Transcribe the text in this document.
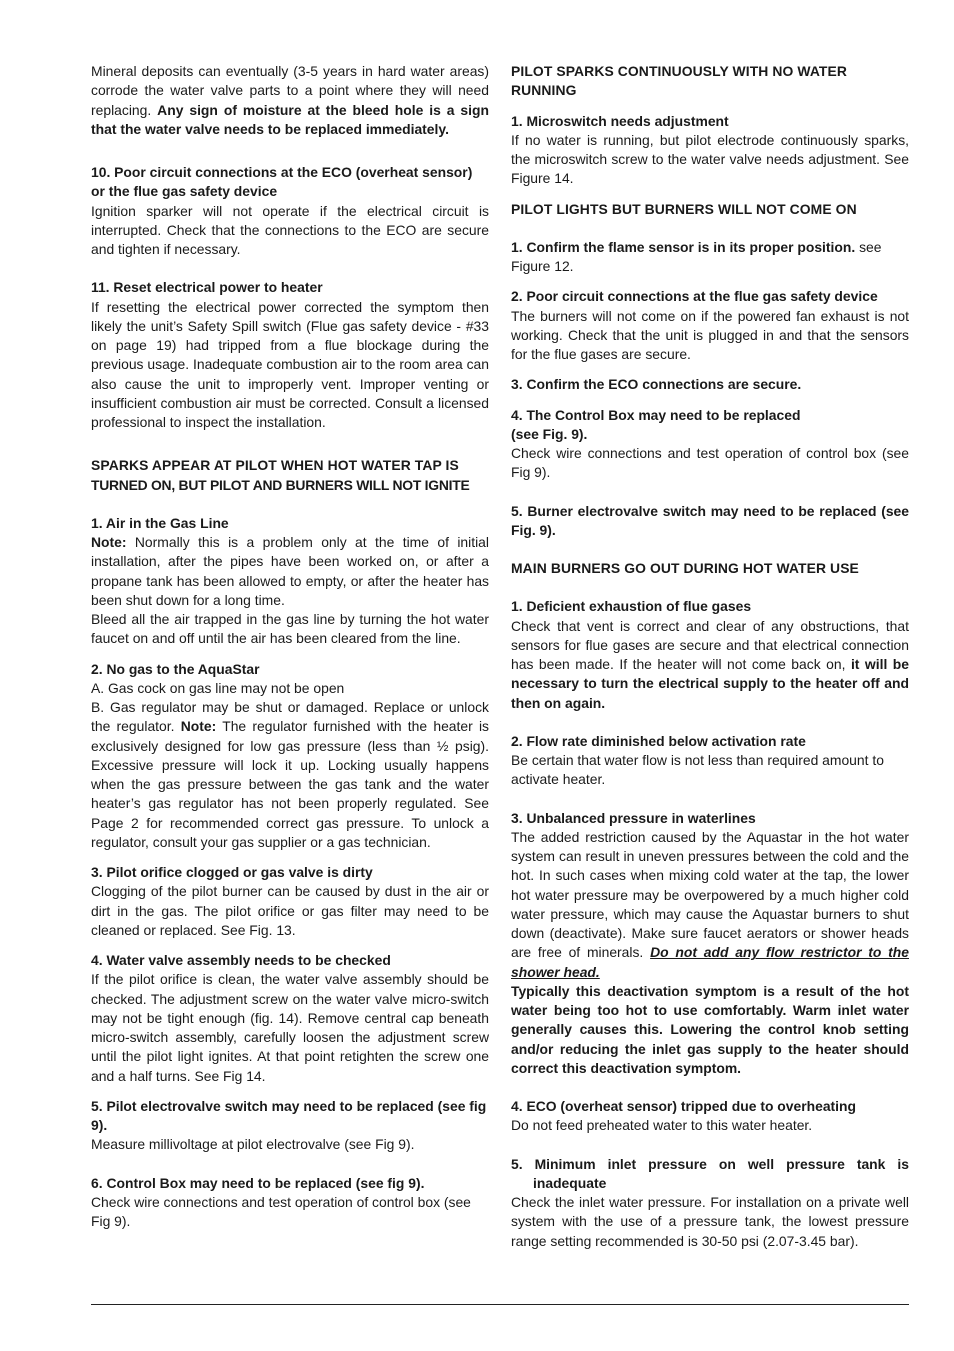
Mineral deposits can eventually (3-5 years in hard water areas) corrode the water valve parts to a point where they will need replacing. Any sign of moisture at the bleed hole is a sign that the water valve needs to be replaced immediately.

10. Poor circuit connections at the ECO (overheat sensor) or the flue gas safety device

Ignition sparker will not operate if the electrical circuit is interrupted. Check that the connections to the ECO are secure and tighten if necessary.

11. Reset electrical power to heater

If resetting the electrical power corrected the symptom then likely the unit’s Safety Spill switch (Flue gas safety device - #33 on page 19) had tripped from a flue blockage during the previous usage. Inadequate combustion air to the room area can also cause the unit to improperly vent. Improper venting or insufficient combustion air must be corrected. Consult a licensed professional to inspect the installation.

SPARKS APPEAR AT PILOT WHEN HOT WATER TAP IS

TURNED ON, BUT PILOT AND BURNERS WILL NOT IGNITE

1. Air in the Gas Line

Note: Normally this is a problem only at the time of initial installation, after the pipes have been worked on, or after a propane tank has been allowed to empty, or after the heater has been shut down for a long time.

Bleed all the air trapped in the gas line by turning the hot water faucet on and off until the air has been cleared from the line.

2. No gas to the AquaStar

A. Gas cock on gas line may not be open

B. Gas regulator may be shut or damaged. Replace or unlock the regulator. Note: The regulator furnished with the heater is exclusively designed for low gas pressure (less than ½ psig). Excessive pressure will lock it up. Locking usually happens when the gas pressure between the gas tank and the water heater’s gas regulator has not been properly regulated. See Page 2 for recommended correct gas pressure. To unlock a regulator, consult your gas supplier or a gas technician.

3. Pilot orifice clogged or gas valve is dirty

Clogging of the pilot burner can be caused by dust in the air or dirt in the gas. The pilot orifice or gas filter may need to be cleaned or replaced. See Fig. 13.

4. Water valve assembly needs to be checked

If the pilot orifice is clean, the water valve assembly should be checked. The adjustment screw on the water valve micro-switch may not be tight enough (fig. 14). Remove central cap beneath micro-switch assembly, carefully loosen the adjustment screw until the pilot light ignites. At that point retighten the screw one and a half turns. See Fig 14.

5. Pilot electrovalve switch may need to be replaced (see fig 9).

Measure millivoltage at pilot electrovalve (see Fig 9).

6. Control Box may need to be replaced (see fig 9).

Check wire connections and test operation of control box (see Fig 9).

PILOT SPARKS CONTINUOUSLY WITH NO WATER RUNNING

1. Microswitch needs adjustment

If no water is running, but pilot electrode continuously sparks, the microswitch screw to the water valve needs adjustment. See Figure 14.

PILOT LIGHTS BUT BURNERS WILL NOT COME ON

1. Confirm the flame sensor is in its proper position. see Figure 12.

2. Poor circuit connections at the flue gas safety device

The burners will not come on if the powered fan exhaust is not working. Check that the unit is plugged in and that the sensors for the flue gases are secure.

3. Confirm the ECO connections are secure.

4. The Control Box may need to be replaced

(see Fig. 9).

Check wire connections and test operation of control box (see Fig 9).

5. Burner electrovalve switch may need to be replaced (see Fig. 9).

MAIN BURNERS GO OUT DURING HOT WATER USE

1. Deficient exhaustion of flue gases

Check that vent is correct and clear of any obstructions, that sensors for flue gases are secure and that electrical connection has been made. If the heater will not come back on, it will be necessary to turn the electrical supply to the heater off and then on again.

2. Flow rate diminished below activation rate

Be certain that water flow is not less than required amount to activate heater.

3. Unbalanced pressure in waterlines

The added restriction caused by the Aquastar in the hot water system can result in uneven pressures between the cold and the hot. In such cases when mixing cold water at the tap, the lower hot water pressure may be overpowered by a much higher cold water pressure, which may cause the Aquastar burners to shut down (deactivate). Make sure faucet aerators or shower heads are free of minerals. Do not add any flow restrictor to the shower head.

Typically this deactivation symptom is a result of the hot water being too hot to use comfortably. Warm inlet water generally causes this. Lowering the control knob setting and/or reducing the inlet gas supply to the heater should correct this deactivation symptom.

4. ECO (overheat sensor) tripped due to overheating

Do not feed preheated water to this water heater.

5. Minimum inlet pressure on well pressure tank is inadequate

Check the inlet water pressure. For installation on a private well system with the use of a pressure tank, the lowest pressure range setting recommended is 30-50 psi (2.07-3.45 bar).
